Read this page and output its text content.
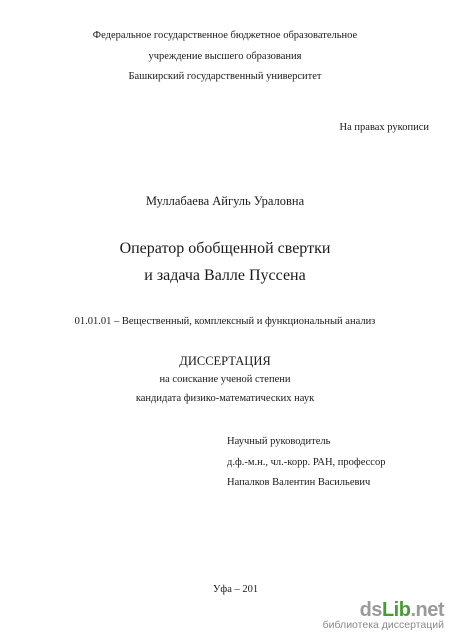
Федеральное государственное бюджетное образовательное
учреждение высшего образования
Башкирский государственный университет
На правах рукописи
Муллабаева Айгуль Ураловна
Оператор обобщенной свертки
и задача Валле Пуссена
01.01.01 – Вещественный, комплексный и функциональный анализ
ДИССЕРТАЦИЯ
на соискание ученой степени
кандидата физико-математических наук
Научный руководитель
д.ф.-м.н., чл.-корр. РАН, профессор
Напалков Валентин Васильевич
Уфа – 201
dsLib.net
библиотека диссертаций
